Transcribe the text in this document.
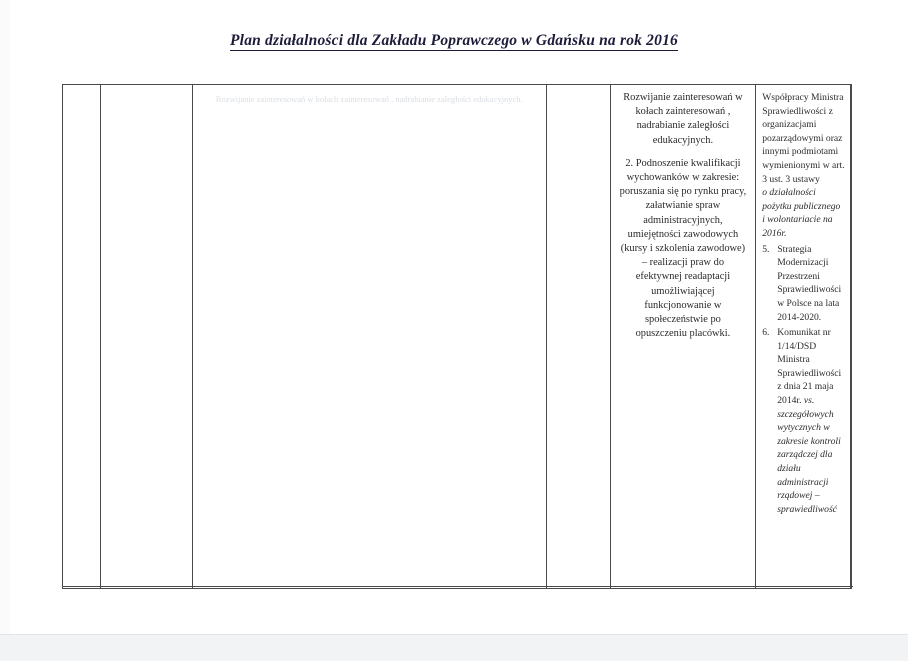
Plan działalności dla Zakładu Poprawczego w Gdańsku na rok 2016
Rozwijanie zainteresowań w kołach zainteresowań , nadrabianie zaległości edukacyjnych.	Rozwijanie zainteresowań w kołach zainteresowań , nadrabianie zaległości edukacyjnych.

2. Podnoszenie kwalifikacji wychowanków w zakresie: poruszania się po rynku pracy, załatwianie spraw administracyjnych, umiejętności zawodowych (kursy i szkolenia zawodowe) – realizacji praw do efektywnej readaptacji umożliwiającej funkcjonowanie w społeczeństwie po opuszczeniu placówki.

Współpracy Ministra Sprawiedliwości z organizacjami pozarządowymi oraz innymi podmiotami wymienionymi w art. 3 ust. 3 ustawy

o działalności pożytku publicznego i wolontariacie na 2016r.

5. Strategia Modernizacji Przestrzeni Sprawiedliwości w Polsce na lata 2014-2020.
6. Komunikat nr 1/14/DSD Ministra Sprawiedliwości z dnia 21 maja 2014r. vs. szczegółowych wytycznych w zakresie kontroli zarządczej dla działu administracji rządowej – sprawiedliwość
